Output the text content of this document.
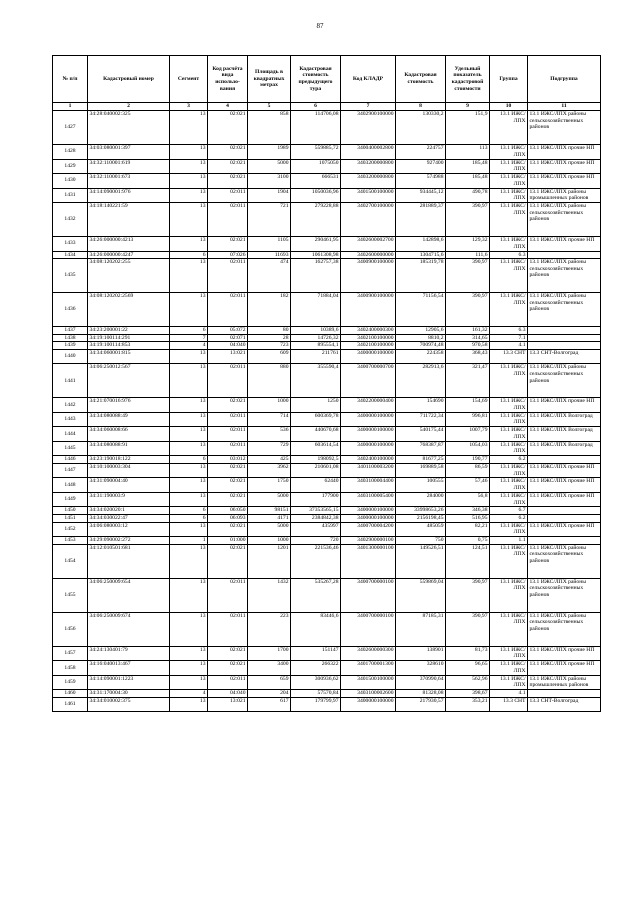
87
№ п/п	Кадастровый номер	Сегмент	Код расчёта вида использо-вания	Площадь в квадратных метрах	Кадастровая стоимость предыдущего тура	Код КЛАДР	Кадастровая стоимость	Удельный показатель кадастровой стоимости	Группа	Подгруппа
1	2	3	4	5	6	7	8	9	10	11
1427	34:28:040002:325	13	02:021	858	114706,08	3402900100000	130330,2	151,9	13.1 ИЖС/ЛПХ	13.1 ИЖС/ЛПХ районы сельскохозяйственных районов
1428	34:03:080001:397	13	02:021	1989	559885,72	3400400002800	224757	113	13.1 ИЖС/ЛПХ	13.1 ИЖС/ЛПХ прочие НП
1429	34:32:110001:619	13	02:021	5000	1075050	3403200000800	927400	185,48	13.1 ИЖС/ЛПХ	13.1 ИЖС/ЛПХ прочие НП
1430	34:32:110001:673	13	02:021	3100	666531	3403200000800	574988	185,48	13.1 ИЖС/ЛПХ	13.1 ИЖС/ЛПХ прочие НП
1431	34:14:090001:976	13	02:011	1904	1050036,96	3401500100000	934445,12	490,78	13.1 ИЖС/ЛПХ	13.1 ИЖС/ЛПХ районы промышленных районов
1432	34:18:140221:59	13	02:011	721	279228,88	3402700100000	281889,37	390,97	13.1 ИЖС/ЛПХ	13.1 ИЖС/ЛПХ районы сельскохозяйственных районов
1433	34:26:000000:4213	13	02:021	1105	290461,95	3402600002700	142898,6	129,32	13.1 ИЖС/ЛПХ	13.1 ИЖС/ЛПХ прочие НП
1434	34:26:000000:4247	6	07:026	11693	1061308,98	3402600000000	1304715,6	111,6	6.3	
1435	34:08:120202:255	13	02:011	474	162757,38	3400900100000	185319,78	390,97	13.1 ИЖС/ЛПХ	13.1 ИЖС/ЛПХ районы сельскохозяйственных районов
1436	34:08:120202:2569	13	02:011	182	71884,04	3400900100000	71156,54	390,97	13.1 ИЖС/ЛПХ	13.1 ИЖС/ЛПХ районы сельскохозяйственных районов
1437	34:23:200001:22	6	05:072	80	10389,6	3402400000300	12905,6	161,32	6.3	
1438	34:19:100114:291	7	02:071	28	14726,32	3402100100000	8810,2	314,65	7.1	
1439	34:19:100114:853	4	04:040	723	895554,1	3402100100000	700974,48	970,58	4.1	
1440	34:34:060001:815	13	13:021	609	211761	3400000100000	224358	368,43	13.3 СНТ	13.3 СНТ-Волгоград
1441	34:06:250012:567	13	02:011	880	355590,4	3400700000700	282913,6	321,47	13.1 ИЖС/ЛПХ	13.1 ИЖС/ЛПХ районы сельскохозяйственных районов
1442	34:21:070016:976	13	02:021	1000	1250	3402200000400	154690	154,69	13.1 ИЖС/ЛПХ	13.1 ИЖС/ЛПХ прочие НП
1443	34:34:080088:49	13	02:011	714	600369,78	3400000100000	711722,34	996,81	13.1 ИЖС/ЛПХ	13.1 ИЖС/ЛПХ Волгоград
1444	34:34:060008:66	13	02:011	536	440670,68	3400000100000	540175,44	1007,79	13.1 ИЖС/ЛПХ	13.1 ИЖС/ЛПХ Волгоград
1445	34:34:080088:91	13	02:011	729	603614,54	3400000100000	768387,87	1054,03	13.1 ИЖС/ЛПХ	13.1 ИЖС/ЛПХ Волгоград
1446	34:23:190018:122	6	03:012	425	198092,5	3402400100000	81677,25	190,77	6.2	
1447	34:10:100003:304	13	02:021	3962	210601,08	3401100003200	169889,58	86,59	13.1 ИЖС/ЛПХ	13.1 ИЖС/ЛПХ прочие НП
1448	34:31:090004:40	13	02:021	1750	62440	3403100004400	100555	57,46	13.1 ИЖС/ЛПХ	13.1 ИЖС/ЛПХ прочие НП
1449	34:31:190003:9	13	02:021	5000	177900	3403100005400	284000	56,8	13.1 ИЖС/ЛПХ	13.1 ИЖС/ЛПХ прочие НП
1450	34:34:020020:1	6	06:050	98151	37353565,15	3400000100000	33998653,26	346,38	6.7	
1451	34:34:030022:47	6	06:093	4171	2384842,38	3400000100000	2156198,45	516,95	6.2	
1452	34:06:080003:12	13	02:021	5000	435997	3400700004200	485059	82,21	13.1 ИЖС/ЛПХ	13.1 ИЖС/ЛПХ прочие НП
1453	34:29:090002:272	1	01:000	1000	720	3402900000100	750	0,75	1.1	
1454	34:12:010501:681	13	02:021	1201	221536,46	3401300000100	149526,51	124,51	13.1 ИЖС/ЛПХ	13.1 ИЖС/ЛПХ районы сельскохозяйственных районов
1455	34:06:250009:654	13	02:011	1432	535267,28	3400700000100	559869,04	390,97	13.1 ИЖС/ЛПХ	13.1 ИЖС/ЛПХ районы сельскохозяйственных районов
1456	34:06:250009:674	13	02:011	223	83446,6	3400700000100	87185,31	390,97	13.1 ИЖС/ЛПХ	13.1 ИЖС/ЛПХ районы сельскохозяйственных районов
1457	34:24:130401:79	13	02:021	1700	151147	3402600000300	138901	81,73	13.1 ИЖС/ЛПХ	13.1 ИЖС/ЛПХ прочие НП
1458	34:16:040013:467	13	02:021	3400	266322	3401700001300	328610	96,65	13.1 ИЖС/ЛПХ	13.1 ИЖС/ЛПХ прочие НП
1459	34:14:090001:1223	13	02:011	659	300936,62	3401500100000	370990,64	562,96	13.1 ИЖС/ЛПХ	13.1 ИЖС/ЛПХ районы промышленных районов
1460	34:31:170004:30	4	04:040	204	57570,84	3403100002600	81328,08	398,67	4.1	
1461	34:34:010002:375	13	13:021	617	179799,97	3400000100000	217930,57	353,21	13.3 СНТ	13.3 СНТ-Волгоград
